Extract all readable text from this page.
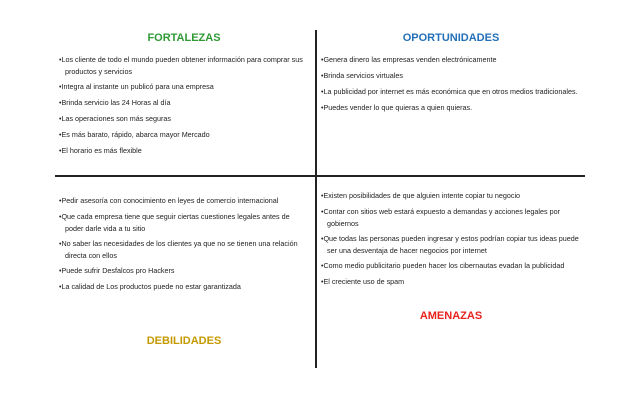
FORTALEZAS
•Los cliente de todo el mundo pueden obtener información para comprar sus productos y servicios
•Integra al instante un publicó para una empresa
•Brinda servicio las 24 Horas al día
•Las operaciones son más seguras
•Es más barato, rápido, abarca mayor Mercado
•El horario es más flexible
OPORTUNIDADES
•Genera dinero las empresas venden electrónicamente
•Brinda servicios virtuales
•La publicidad por internet es más económica que en otros medios tradicionales.
•Puedes vender lo que quieras a quien quieras.
•Pedir asesoría con conocimiento en leyes de comercio internacional
•Que cada empresa tiene que seguir ciertas cuestiones legales antes de poder darle vida a tu sitio
•No saber las necesidades de los clientes ya que no se tienen una relación directa con ellos
•Puede sufrir Desfalcos pro Hackers
•La calidad de Los productos puede no estar garantizada
DEBILIDADES
•Existen posibilidades de que alguien intente copiar tu negocio
•Contar con sitios web estará expuesto a demandas y acciones legales por gobiernos
•Que todas las personas pueden ingresar y estos podrían copiar tus ideas puede ser una desventaja de hacer negocios por internet
•Como medio publicitario pueden hacer los cibernautas evadan la publicidad
•El creciente uso de spam
AMENAZAS
